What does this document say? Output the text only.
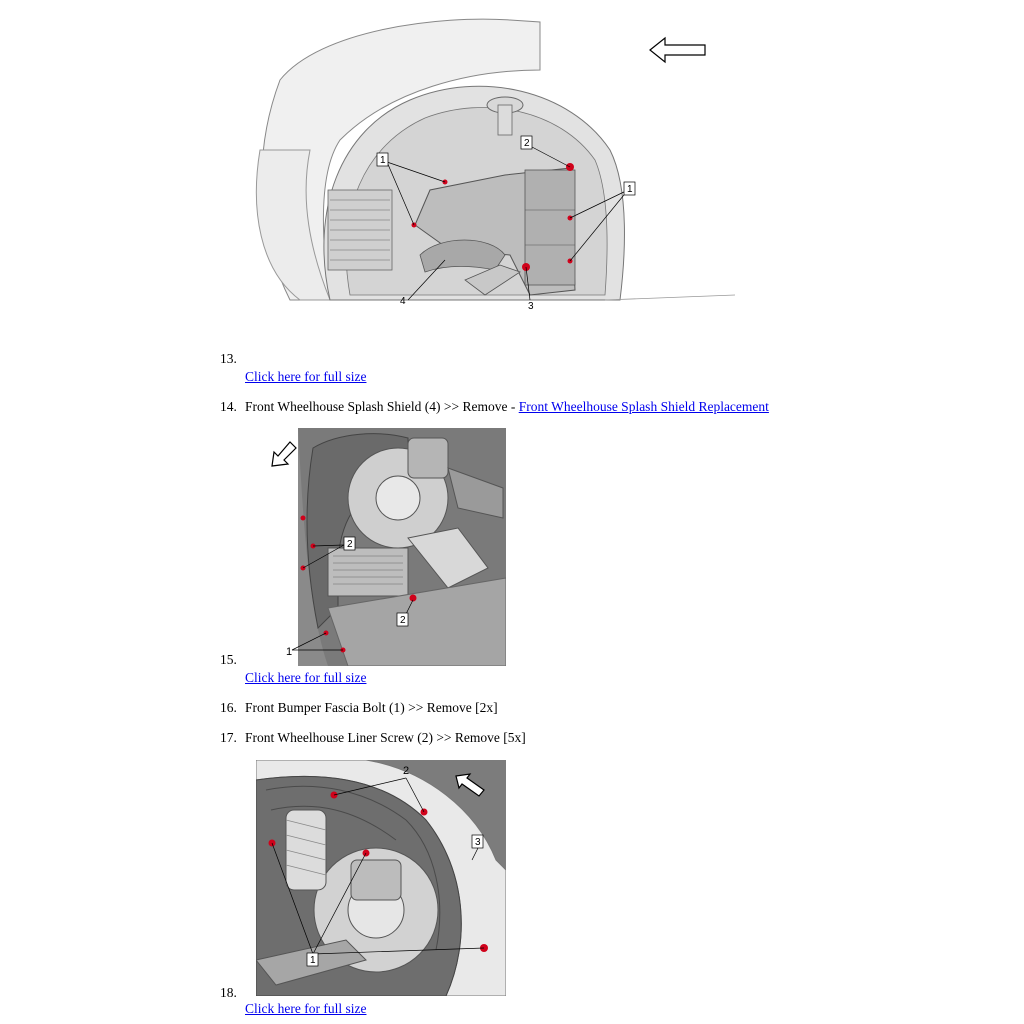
1
2
1
4	3
13.
Click here for full size
14. Front Wheelhouse Splash Shield (4) >> Remove - Front Wheelhouse Splash Shield Replacement
2
2
1
15.
Click here for full size
16. Front Bumper Fascia Bolt (1) >> Remove [2x]
17. Front Wheelhouse Liner Screw (2) >> Remove [5x]
2
3
1
18.
Click here for full size
